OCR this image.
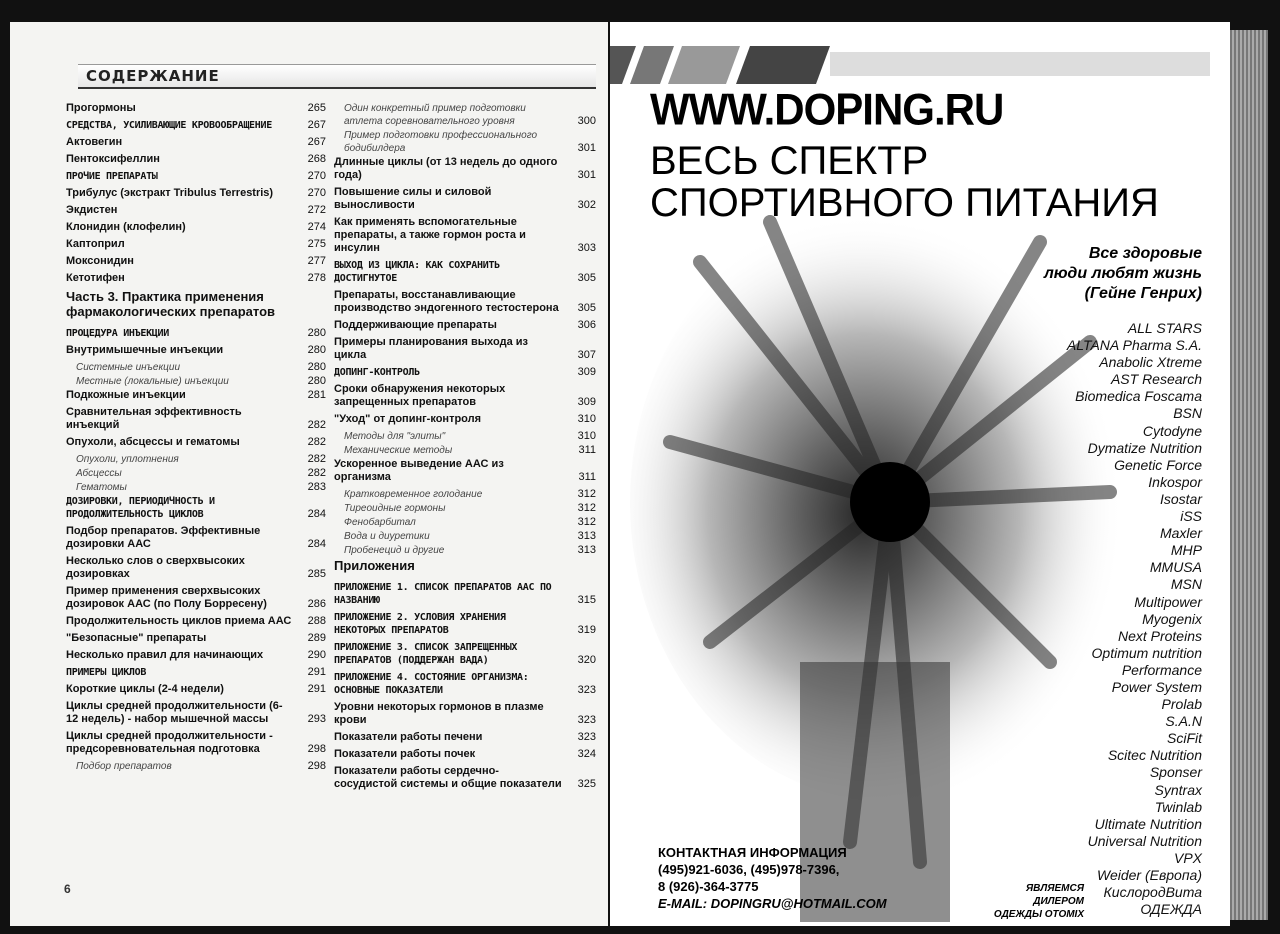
СОДЕРЖАНИЕ
Прогормоны	265
СРЕДСТВА, УСИЛИВАЮЩИЕ КРОВООБРАЩЕНИЕ	267
Актовегин	267
Пентоксифеллин	268
ПРОЧИЕ ПРЕПАРАТЫ	270
Трибулус (экстракт Tribulus Terrestris)	270
Экдистен	272
Клонидин (клофелин)	274
Каптоприл	275
Моксонидин	277
Кетотифен	278
Часть 3. Практика применения фармакологических препаратов
ПРОЦЕДУРА ИНЪЕКЦИИ	280
Внутримышечные инъекции	280
Системные инъекции	280
Местные (локальные) инъекции	280
Подкожные инъекции	281
Сравнительная эффективность инъекций	282
Опухоли, абсцессы и гематомы	282
Опухоли, уплотнения	282
Абсцессы	282
Гематомы	283
ДОЗИРОВКИ, ПЕРИОДИЧНОСТЬ И ПРОДОЛЖИТЕЛЬНОСТЬ ЦИКЛОВ	284
Подбор препаратов. Эффективные дозировки ААС	284
Несколько слов о сверхвысоких дозировках	285
Пример применения сверхвысоких дозировок ААС (по Полу Борресену)	286
Продолжительность циклов приема ААС	288
"Безопасные" препараты	289
Несколько правил для начинающих	290
ПРИМЕРЫ ЦИКЛОВ	291
Короткие циклы (2-4 недели)	291
Циклы средней продолжительности (6-12 недель) - набор мышечной массы	293
Циклы средней продолжительности - предсоревновательная подготовка	298
Подбор препаратов	298
Один конкретный пример подготовки атлета соревновательного уровня	300
Пример подготовки профессионального бодибилдера	301
Длинные циклы (от 13 недель до одного года)	301
Повышение силы и силовой выносливости	302
Как применять вспомогательные препараты, а также гормон роста и инсулин	303
ВЫХОД ИЗ ЦИКЛА: КАК СОХРАНИТЬ ДОСТИГНУТОЕ	305
Препараты, восстанавливающие производство эндогенного тестостерона	305
Поддерживающие препараты	306
Примеры планирования выхода из цикла	307
ДОПИНГ-КОНТРОЛЬ	309
Сроки обнаружения некоторых запрещенных препаратов	309
"Уход" от допинг-контроля	310
Методы для "элиты"	310
Механические методы	311
Ускоренное выведение ААС из организма	311
Кратковременное голодание	312
Тиреоидные гормоны	312
Фенобарбитал	312
Вода и диуретики	313
Пробенецид и другие	313
Приложения
ПРИЛОЖЕНИЕ 1. СПИСОК ПРЕПАРАТОВ ААС ПО НАЗВАНИЮ	315
ПРИЛОЖЕНИЕ 2. УСЛОВИЯ ХРАНЕНИЯ НЕКОТОРЫХ ПРЕПАРАТОВ	319
ПРИЛОЖЕНИЕ 3. СПИСОК ЗАПРЕЩЕННЫХ ПРЕПАРАТОВ (ПОДДЕРЖАН ВАДА)	320
ПРИЛОЖЕНИЕ 4. СОСТОЯНИЕ ОРГАНИЗМА: ОСНОВНЫЕ ПОКАЗАТЕЛИ	323
Уровни некоторых гормонов в плазме крови	323
Показатели работы печени	323
Показатели работы почек	324
Показатели работы сердечно-сосудистой системы и общие показатели	325
6
WWW.DOPING.RU
ВЕСЬ СПЕКТР
СПОРТИВНОГО ПИТАНИЯ
Все здоровые
люди любят жизнь
(Гейне Генрих)
ALL STARS
ALTANA Pharma S.A.
Anabolic Xtreme
AST Research
Biomedica Foscama
BSN
Cytodyne
Dymatize Nutrition
Genetic Force
Inkospor
Isostar
iSS
Maxler
MHP
MMUSA
MSN
Multipower
Myogenix
Next Proteins
Optimum nutrition
Performance
Power System
Prolab
S.A.N
SciFit
Scitec Nutrition
Sponser
Syntrax
Twinlab
Ultimate Nutrition
Universal Nutrition
VPX
Weider (Европа)
КислородВита
ОДЕЖДА
КОНТАКТНАЯ ИНФОРМАЦИЯ
(495)921-6036, (495)978-7396,
8 (926)-364-3775
E-MAIL: DOPINGRU@HOTMAIL.COM
ЯВЛЯЕМСЯ ДИЛЕРОМ
ОДЕЖДЫ OTOMIX
